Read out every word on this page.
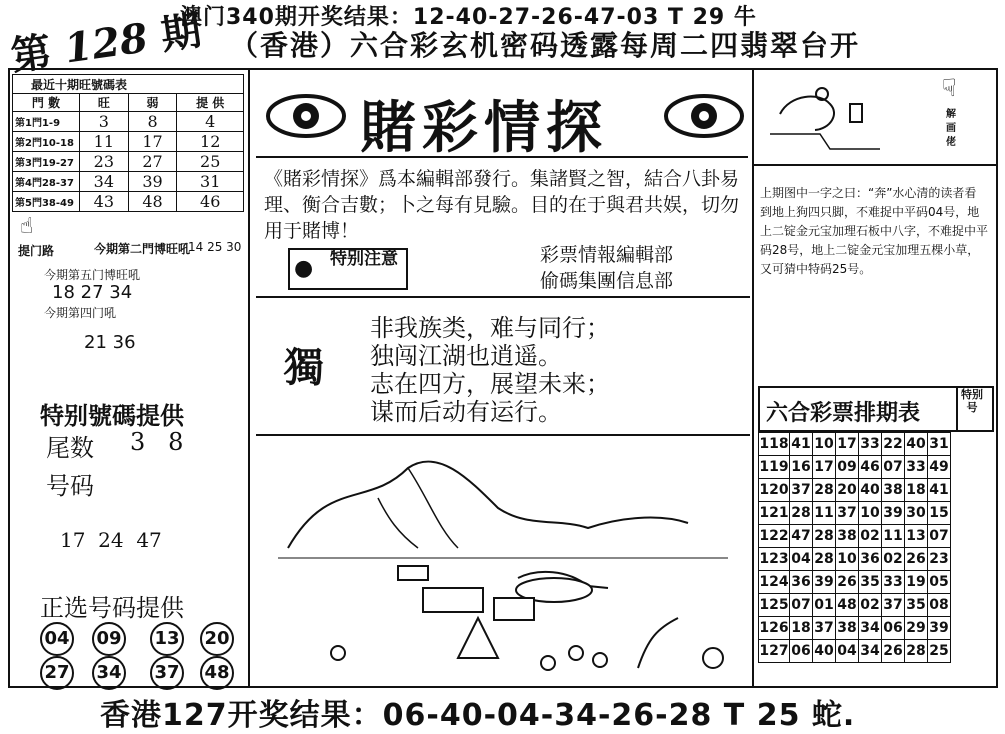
澳门340期开奖结果：12-40-27-26-47-03 T 29 牛
第 128 期 （香港）六合彩玄机密码透露每周二四翡翠台开
最近十期旺號碼表			
門 數	旺	弱	提 供
第1門1-9	3	8	4
第2門10-18	11	17	12
第3門19-27	23	27	25
第4門28-37	34	39	31
第5門38-49	43	48	46
☝
提门路	今期第二門博旺吼
14 25 30
今期第五门博旺吼
18 27 34
今期第四门吼
21 36
特别號碼提供
尾数 3   8
号码
17  24  47
正选号码提供
04 09 13 20
27 34 37 48
賭彩情探
《賭彩情探》爲本編輯部發行。集諸賢之智，結合八卦易理、衡合吉數；卜之每有見驗。目的在于與君共娱，切勿用于賭博！
● 特别注意	彩票情報編輯部
偷碼集團信息部
獨
非我族类，难与同行；
独闯江湖也逍遥。
志在四方，展望未来；
谋而后动有运行。
☟
解 画 佬
上期图中一字之曰：“奔”水心清的读者看到地上狗四只脚，不难捉中平码04号，地上二锭金元宝加理石板中八字，不难捉中平码28号，地上二锭金元宝加理五棵小草，又可猜中特码25号。
六合彩票排期表
特别号
118	41	10	17	33	22	40	31
119	16	17	09	46	07	33	49
120	37	28	20	40	38	18	41
121	28	11	37	10	39	30	15
122	47	28	38	02	11	13	07
123	04	28	10	36	02	26	23
124	36	39	26	35	33	19	05
125	07	01	48	02	37	35	08
126	18	37	38	34	06	29	39
127	06	40	04	34	26	28	25
香港127开奖结果：06-40-04-34-26-28 T 25 蛇.
